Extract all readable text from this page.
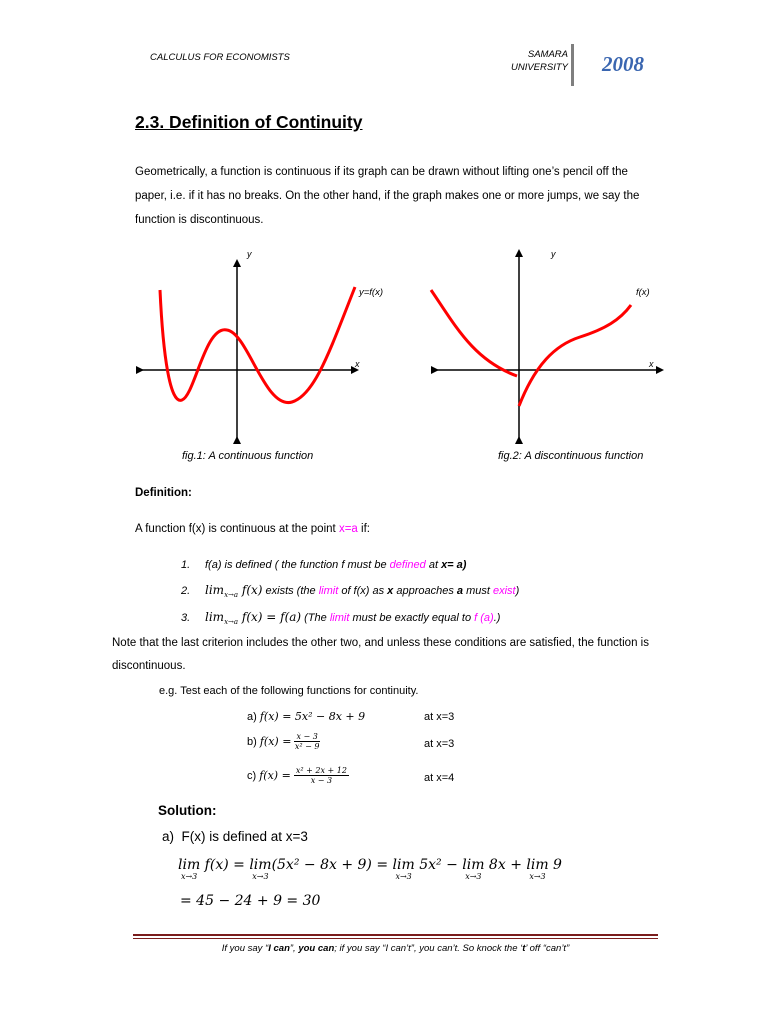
CALCULUS FOR ECONOMISTS	SAMARA
UNIVERSITY 2008
2.3. Definition of Continuity
Geometrically, a function is continuous if its graph can be drawn without lifting one’s pencil off the paper, i.e. if it has no breaks. On the other hand, if the graph makes one or more jumps, we say the function is discontinuous.
y
x
y=f(x)
fig.1: A continuous function
y
x
f(x)
fig.2: A discontinuous function
Definition:
A function f(x) is continuous at the point x=a if:
1. f(a) is defined ( the function f must be defined at x= a)
2. $\lim_{x\to a} f(x)$ exists (the limit of f(x) as x approaches a must exist)
3. $\lim_{x\to a} f(x) = f(a)$ (The limit must be exactly equal to f (a).)
Note that the last criterion includes the other two, and unless these conditions are satisfied, the function is discontinuous.
e.g. Test each of the following functions for continuity.
a) f(x) = 5x² − 8x + 9	at x=3
b)
f(x) =
$\frac{x - 3}{\text{x² − 9}}$	at x=3
c)
f(x) =
$\frac{\text{x² + 2x + 12}}{x - 3}$	at x=4
Solution:
a)  F(x) is defined at x=3
lim
x→3
f(x) = lim
x→3
(5x² − 8x + 9) = lim
x→3
5x² − lim
x→3
8x + lim
x→3
9
= 45 − 24 + 9 = 30
If you say “I can”, you can; if you say “I can’t”, you can’t. So knock the ‘t’ off “can’t”
